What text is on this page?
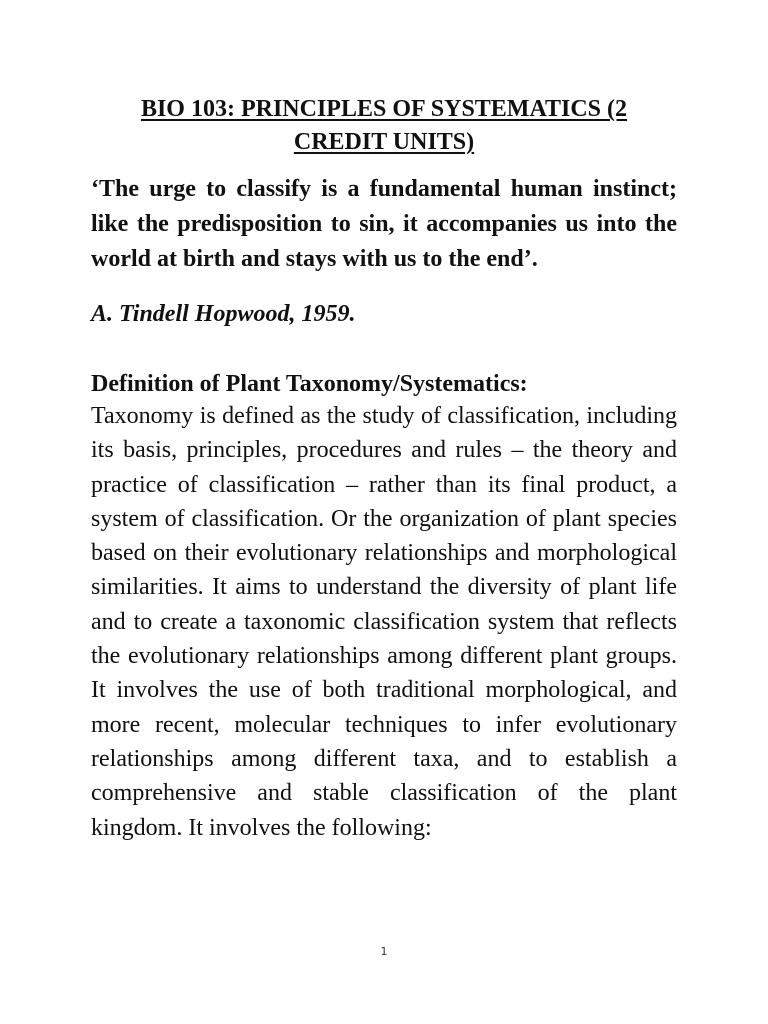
BIO 103: PRINCIPLES OF SYSTEMATICS (2 CREDIT UNITS)

‘The urge to classify is a fundamental human instinct; like the predisposition to sin, it accompanies us into the world at birth and stays with us to the end’.

A. Tindell Hopwood, 1959.

Definition of Plant Taxonomy/Systematics:

Taxonomy is defined as the study of classification, including its basis, principles, procedures and rules – the theory and practice of classification – rather than its final product, a system of classification. Or the organization of plant species based on their evolutionary relationships and morphological similarities. It aims to understand the diversity of plant life and to create a taxonomic classification system that reflects the evolutionary relationships among different plant groups. It involves the use of both traditional morphological, and more recent, molecular techniques to infer evolutionary relationships among different taxa, and to establish a comprehensive and stable classification of the plant kingdom. It involves the following:

1
